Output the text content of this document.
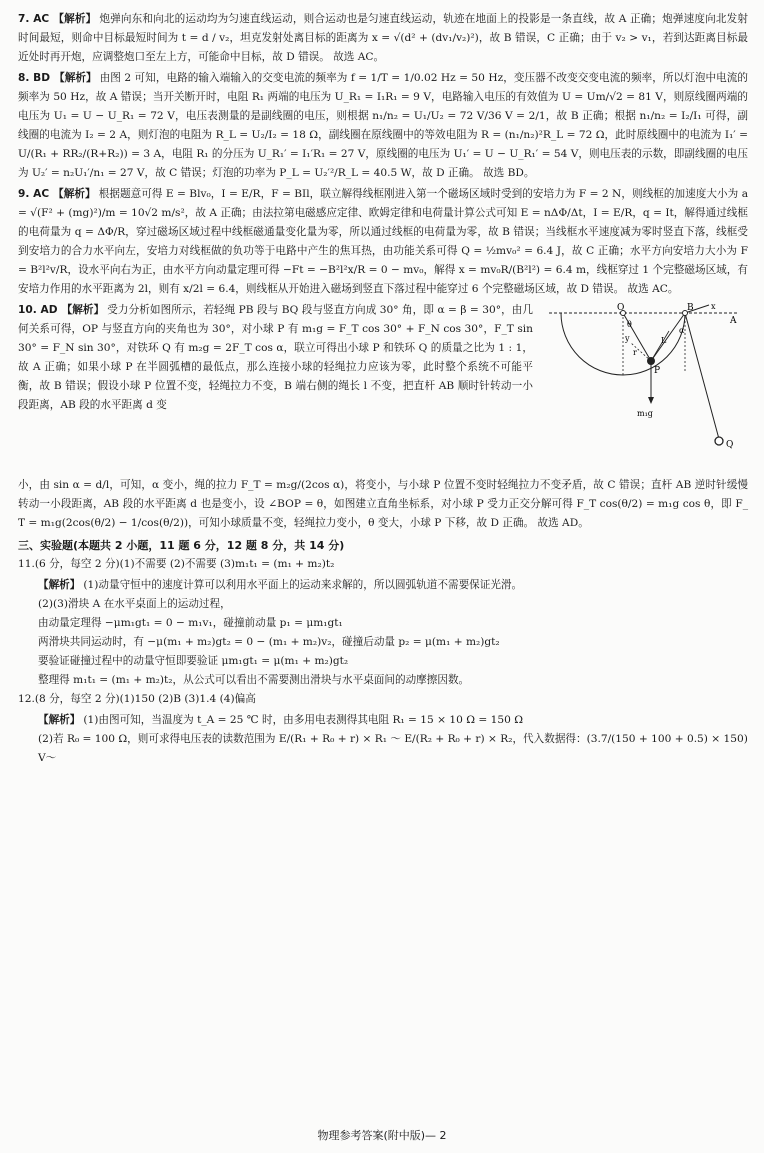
7. AC 【解析】 炮弹向东和向北的运动均为匀速直线运动，则合运动也是匀速直线运动，轨迹在地面上的投影是一条直线，故 A 正确；炮弹速度向北发射时间最短，则命中目标最短时间为 t = d / v₂，坦克发射处离目标的距离为 x = √(d² + (dv₁/v₂)²)，故 B 错误，C 正确；由于 v₂ > v₁，若到达距离目标最近处时再开炮，应调整炮口至左上方，可能命中目标，故 D 错误。 故选 AC。

8. BD 【解析】 由图 2 可知，电路的输入端输入的交变电流的频率为 f = 1/T = 1/0.02 Hz = 50 Hz，变压器不改变交变电流的频率，所以灯泡中电流的频率为 50 Hz，故 A 错误；当开关断开时，电阻 R₁ 两端的电压为 U_R₁ = I₁R₁ = 9 V，电路输入电压的有效值为 U = Um/√2 = 81 V，则原线圈两端的电压为 U₁ = U − U_R₁ = 72 V，电压表测量的是副线圈的电压，则根据 n₁/n₂ = U₁/U₂ = 72 V/36 V = 2/1，故 B 正确；根据 n₁/n₂ = I₂/I₁ 可得，副线圈的电流为 I₂ = 2 A，则灯泡的电阻为 R_L = U₂/I₂ = 18 Ω，副线圈在原线圈中的等效电阻为 R = (n₁/n₂)²R_L = 72 Ω，此时原线圈中的电流为 I₁′ = U/(R₁ + RR₂/(R+R₂)) = 3 A，电阻 R₁ 的分压为 U_R₁′ = I₁′R₁ = 27 V，原线圈的电压为 U₁′ = U − U_R₁′ = 54 V，则电压表的示数，即副线圈的电压为 U₂′ = n₂U₁′/n₁ = 27 V，故 C 错误；灯泡的功率为 P_L = U₂′²/R_L = 40.5 W，故 D 正确。 故选 BD。

9. AC 【解析】 根据题意可得 E = Blv₀，I = E/R，F = BIl，联立解得线框刚进入第一个磁场区域时受到的安培力为 F = 2 N，则线框的加速度大小为 a = √(F² + (mg)²)/m = 10√2 m/s²，故 A 正确；由法拉第电磁感应定律、欧姆定律和电荷量计算公式可知 E = nΔΦ/Δt，I = E/R，q = It，解得通过线框的电荷量为 q = ΔΦ/R，穿过磁场区域过程中线框磁通量变化量为零，所以通过线框的电荷量为零，故 B 错误；当线框水平速度减为零时竖直下落，线框受到安培力的合力水平向左，安培力对线框做的负功等于电路中产生的焦耳热，由功能关系可得 Q = ½mv₀² = 6.4 J，故 C 正确；水平方向安培力大小为 F = B²l²v/R，设水平向右为正，由水平方向动量定理可得 −Ft = −B²l²x/R = 0 − mv₀，解得 x = mv₀R/(B²l²) = 6.4 m，线框穿过 1 个完整磁场区域，有安培力作用的水平距离为 2l，则有 x/2l = 6.4，则线框从开始进入磁场到竖直下落过程中能穿过 6 个完整磁场区域，故 D 错误。 故选 AC。

10. AD 【解析】 受力分析如图所示，若轻绳 PB 段与 BQ 段与竖直方向成 30° 角，即 α = β = 30°，由几何关系可得，OP 与竖直方向的夹角也为 30°，对小球 P 有 m₁g = F_T cos 30° + F_N cos 30°，F_T sin 30° = F_N sin 30°，对铁环 Q 有 m₂g = 2F_T cos α，联立可得出小球 P 和铁环 Q 的质量之比为 1 : 1，故 A 正确；如果小球 P 在半圆弧槽的最低点，那么连接小球的轻绳拉力应该为零，此时整个系统不可能平衡，故 B 错误；假设小球 P 位置不变，轻绳拉力不变，B 端右侧的绳长 l 不变，把直杆 AB 顺时针转动一小段距离，AB 段的水平距离 d 变

O	B
A
P
Q
x
y
θ
α
L
r
m₁g

小，由 sin α = d/l，可知，α 变小，绳的拉力 F_T = m₂g/(2cos α)，将变小，与小球 P 位置不变时轻绳拉力不变矛盾，故 C 错误；直杆 AB 逆时针缓慢转动一小段距离，AB 段的水平距离 d 也是变小，设 ∠BOP = θ，如图建立直角坐标系，对小球 P 受力正交分解可得 F_T cos(θ/2) = m₁g cos θ，即 F_T = m₁g(2cos(θ/2) − 1/cos(θ/2))，可知小球质量不变，轻绳拉力变小，θ 变大，小球 P 下移，故 D 正确。 故选 AD。

三、实验题(本题共 2 小题，11 题 6 分，12 题 8 分，共 14 分)
11.(6 分，每空 2 分)(1)不需要 (2)不需要 (3)m₁t₁ = (m₁ + m₂)t₂
【解析】 (1)动量守恒中的速度计算可以利用水平面上的运动来求解的，所以圆弧轨道不需要保证光滑。
(2)(3)滑块 A 在水平桌面上的运动过程，
由动量定理得 −μm₁gt₁ = 0 − m₁v₁，碰撞前动量 p₁ = μm₁gt₁
两滑块共同运动时，有 −μ(m₁ + m₂)gt₂ = 0 − (m₁ + m₂)v₂，碰撞后动量 p₂ = μ(m₁ + m₂)gt₂
要验证碰撞过程中的动量守恒即要验证 μm₁gt₁ = μ(m₁ + m₂)gt₂
整理得 m₁t₁ = (m₁ + m₂)t₂，从公式可以看出不需要测出滑块与水平桌面间的动摩擦因数。
12.(8 分，每空 2 分)(1)150 (2)B (3)1.4 (4)偏高
【解析】 (1)由图可知，当温度为 t_A = 25 ℃ 时，由多用电表测得其电阻 R₁ = 15 × 10 Ω = 150 Ω
(2)若 R₀ = 100 Ω，则可求得电压表的读数范围为 E/(R₁ + R₀ + r) × R₁ ～ E/(R₂ + R₀ + r) × R₂，代入数据得：(3.7/(150 + 100 + 0.5) × 150) V～
物理参考答案(附中版)— 2
